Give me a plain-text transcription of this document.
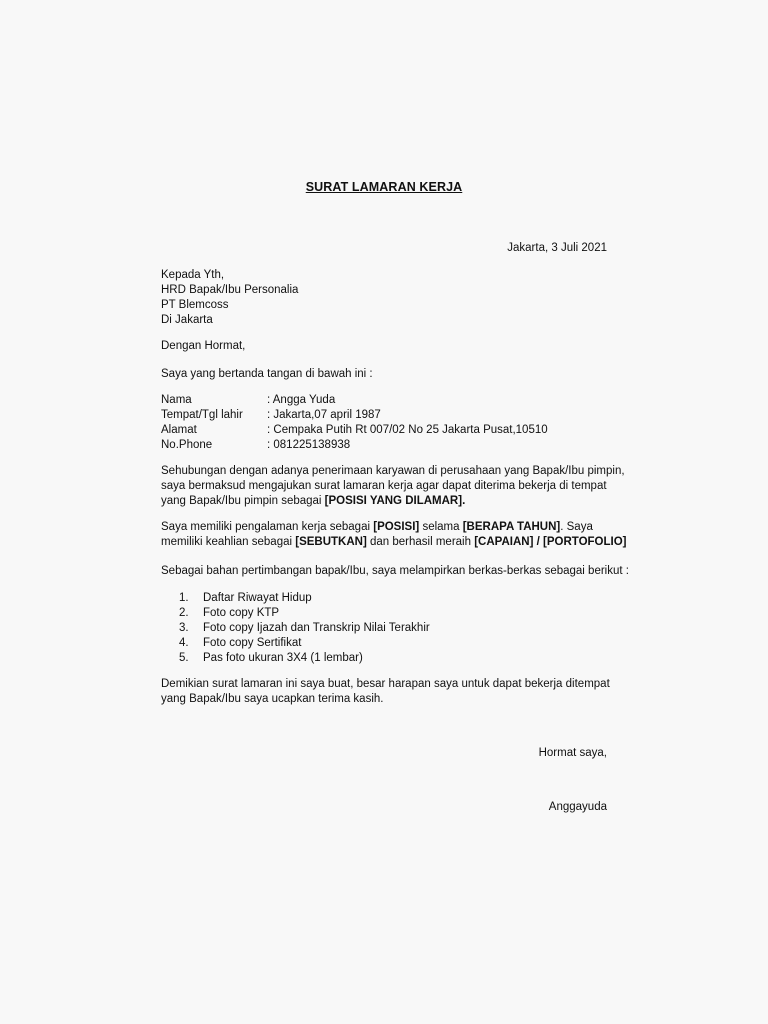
SURAT LAMARAN KERJA
Jakarta, 3 Juli 2021
Kepada Yth,
HRD Bapak/Ibu Personalia
PT Blemcoss
Di Jakarta
Dengan Hormat,
Saya yang bertanda tangan di bawah ini :
Nama	: Angga Yuda
Tempat/Tgl lahir : Jakarta,07 april 1987
Alamat	: Cempaka Putih Rt 007/02 No 25 Jakarta Pusat,10510
No.Phone	: 081225138938
Sehubungan dengan adanya penerimaan karyawan di perusahaan yang Bapak/Ibu pimpin,
saya bermaksud mengajukan surat lamaran kerja agar dapat diterima bekerja di tempat
yang Bapak/Ibu pimpin sebagai [POSISI YANG DILAMAR].
Saya memiliki pengalaman kerja sebagai [POSISI] selama [BERAPA TAHUN]. Saya
memiliki keahlian sebagai [SEBUTKAN] dan berhasil meraih [CAPAIAN] / [PORTOFOLIO]
Sebagai bahan pertimbangan bapak/Ibu, saya melampirkan berkas-berkas sebagai berikut :
1. Daftar Riwayat Hidup
2. Foto copy KTP
3. Foto copy Ijazah dan Transkrip Nilai Terakhir
4. Foto copy Sertifikat
5. Pas foto ukuran 3X4 (1 lembar)
Demikian surat lamaran ini saya buat, besar harapan saya untuk dapat bekerja ditempat
yang Bapak/Ibu saya ucapkan terima kasih.
Hormat saya,
Anggayuda
